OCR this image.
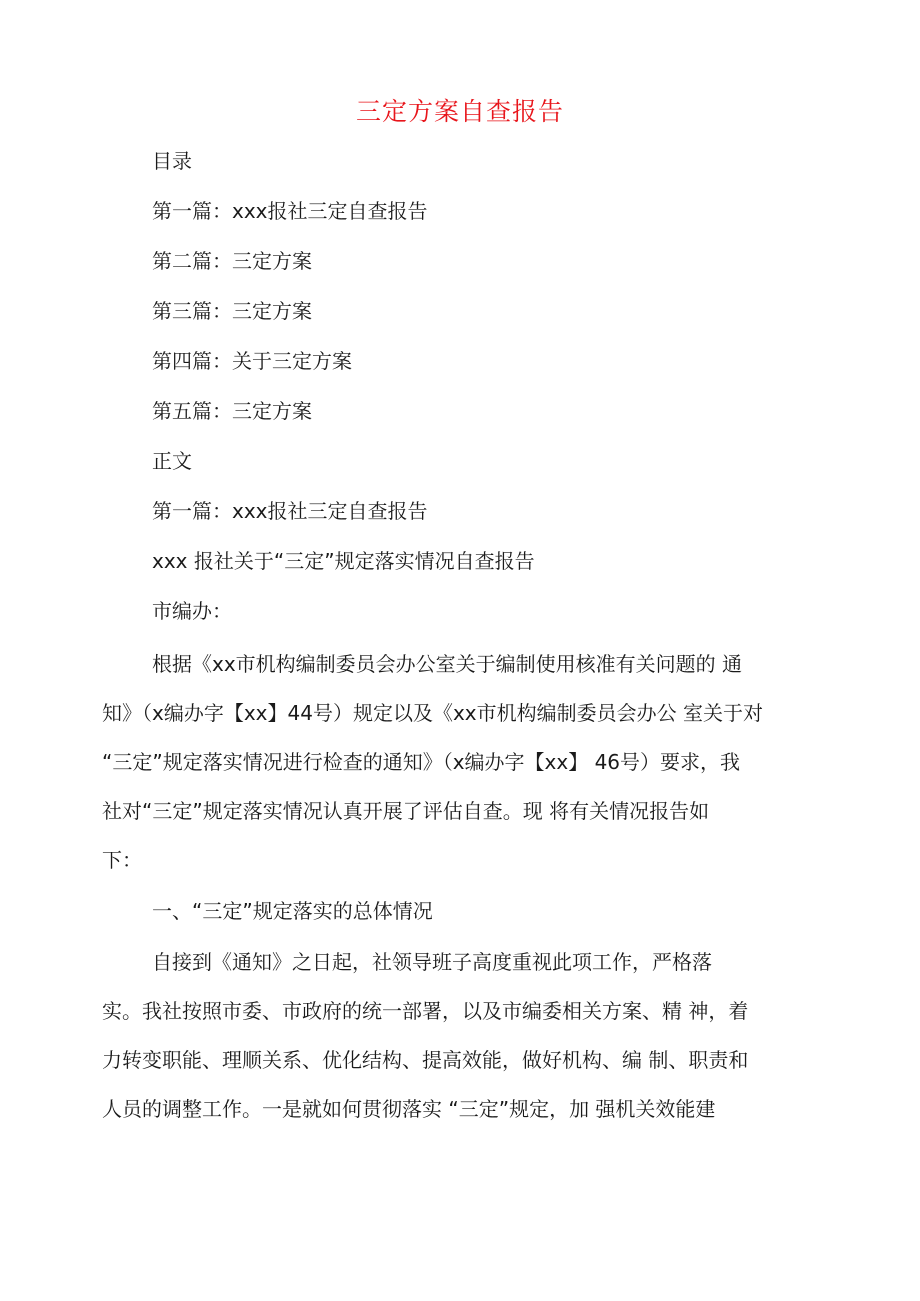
三定方案自查报告
目录
第一篇：xxx报社三定自查报告
第二篇：三定方案
第三篇：三定方案
第四篇：关于三定方案
第五篇：三定方案
正文
第一篇：xxx报社三定自查报告
xxx 报社关于“三定”规定落实情况自查报告
市编办：
根据《xx市机构编制委员会办公室关于编制使用核准有关问题的 通
知》（x编办字【xx】44号）规定以及《xx市机构编制委员会办公 室关于对
“三定”规定落实情况进行检查的通知》（x编办字【xx】 46号）要求，我
社对“三定”规定落实情况认真开展了评估自查。现 将有关情况报告如
下：
一、“三定”规定落实的总体情况
自接到《通知》之日起，社领导班子高度重视此项工作，严格落
实。我社按照市委、市政府的统一部署，以及市编委相关方案、精 神，着
力转变职能、理顺关系、优化结构、提高效能，做好机构、编 制、职责和
人员的调整工作。一是就如何贯彻落实 “三定”规定，加 强机关效能建
